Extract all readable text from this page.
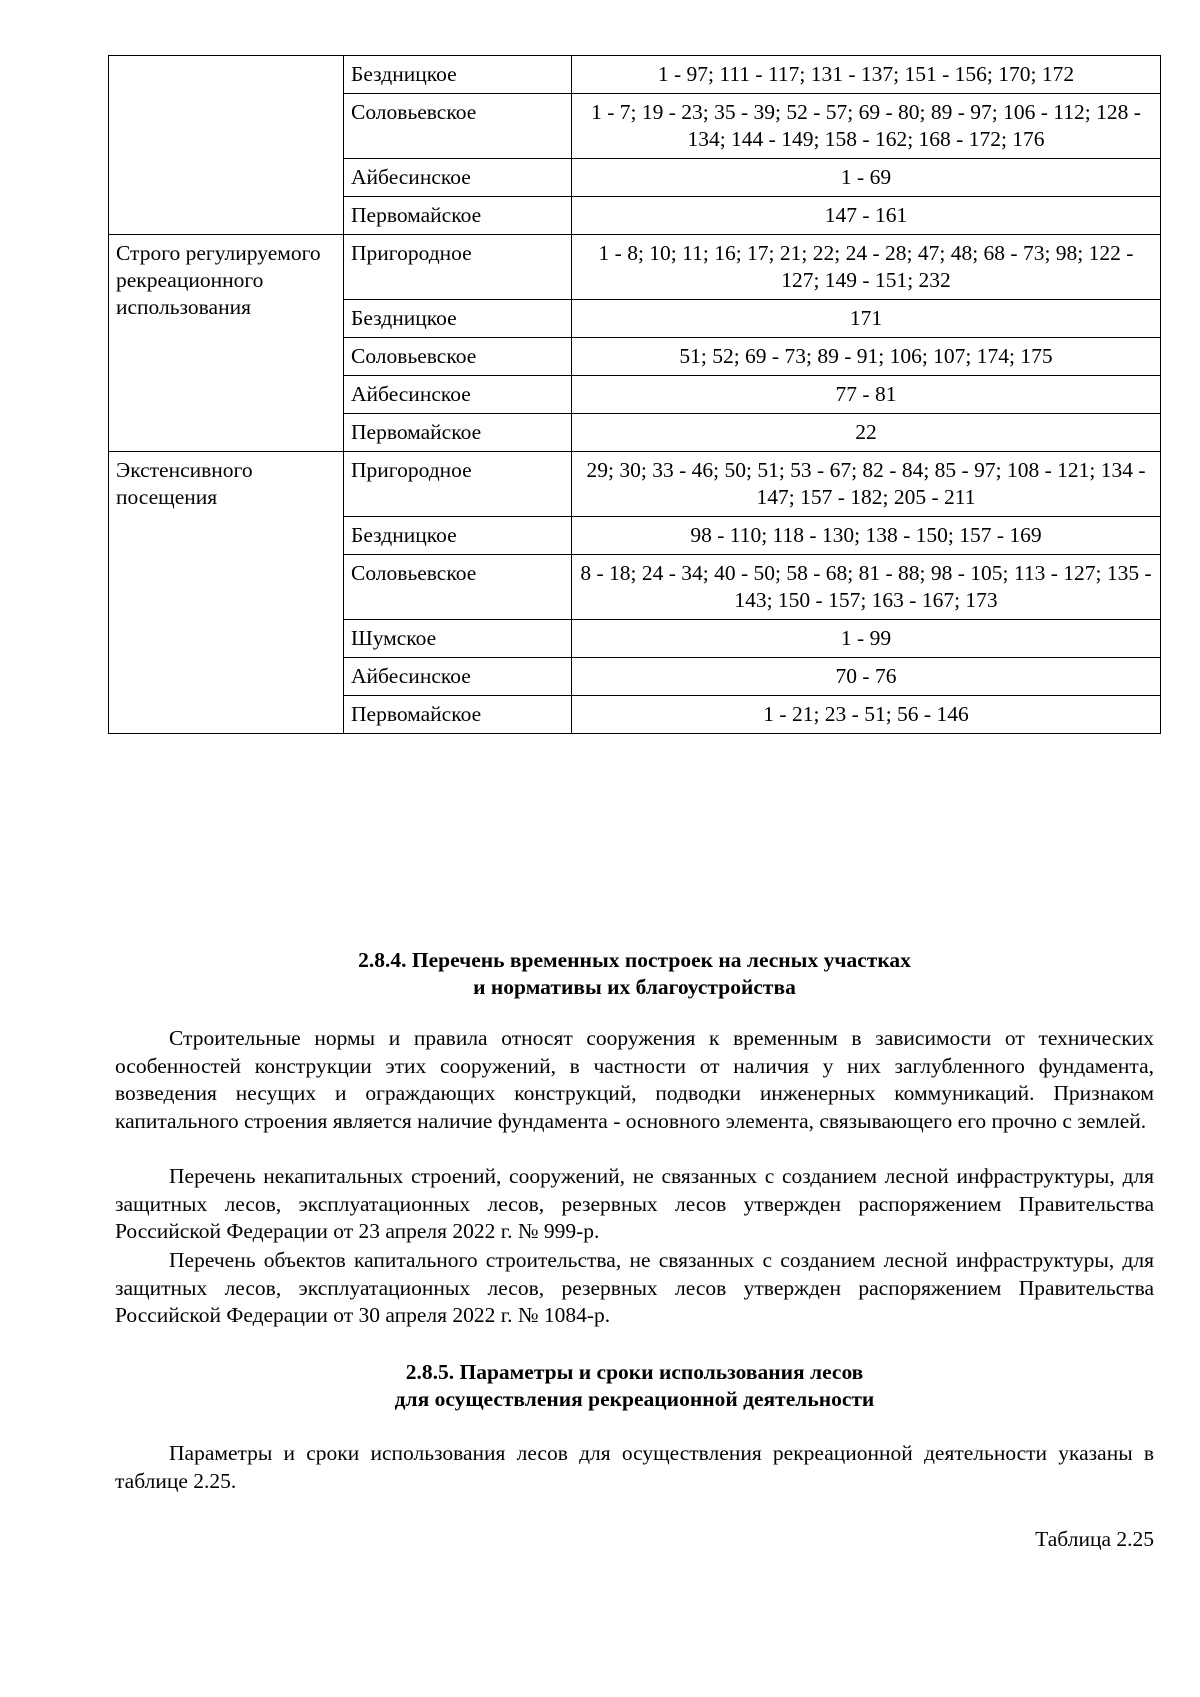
	Бездницкое	1 - 97; 111 - 117; 131 - 137; 151 - 156; 170; 172
	Соловьевское	1 - 7; 19 - 23; 35 - 39; 52 - 57; 69 - 80; 89 - 97; 106 - 112; 128 - 134; 144 - 149; 158 - 162; 168 - 172; 176
	Айбесинское	1 - 69
	Первомайское	147 - 161
Строго регулируемого рекреационного использования	Пригородное	1 - 8; 10; 11; 16; 17; 21; 22; 24 - 28; 47; 48; 68 - 73; 98; 122 - 127; 149 - 151; 232
	Бездницкое	171
	Соловьевское	51; 52; 69 - 73; 89 - 91; 106; 107; 174; 175
	Айбесинское	77 - 81
	Первомайское	22
Экстенсивного посещения	Пригородное	29; 30; 33 - 46; 50; 51; 53 - 67; 82 - 84; 85 - 97; 108 - 121; 134 - 147; 157 - 182; 205 - 211
	Бездницкое	98 - 110; 118 - 130; 138 - 150; 157 - 169
	Соловьевское	8 - 18; 24 - 34; 40 - 50; 58 - 68; 81 - 88; 98 - 105; 113 - 127; 135 - 143; 150 - 157; 163 - 167; 173
	Шумское	1 - 99
	Айбесинское	70 - 76
	Первомайское	1 - 21; 23 - 51; 56 - 146
2.8.4. Перечень временных построек на лесных участках
и нормативы их благоустройства

Строительные нормы и правила относят сооружения к временным в зависимости от технических особенностей конструкции этих сооружений, в частности от наличия у них заглубленного фундамента, возведения несущих и ограждающих конструкций, подводки инженерных коммуникаций. Признаком капитального строения является наличие фундамента - основного элемента, связывающего его прочно с землей.

Перечень некапитальных строений, сооружений, не связанных с созданием лесной инфраструктуры, для защитных лесов, эксплуатационных лесов, резервных лесов утвержден распоряжением Правительства Российской Федерации от 23 апреля 2022 г. № 999-р.

Перечень объектов капитального строительства, не связанных с созданием лесной инфраструктуры, для защитных лесов, эксплуатационных лесов, резервных лесов утвержден распоряжением Правительства Российской Федерации от 30 апреля 2022 г. № 1084-р.

2.8.5. Параметры и сроки использования лесов
для осуществления рекреационной деятельности

Параметры и сроки использования лесов для осуществления рекреационной деятельности указаны в таблице 2.25.

Таблица 2.25
